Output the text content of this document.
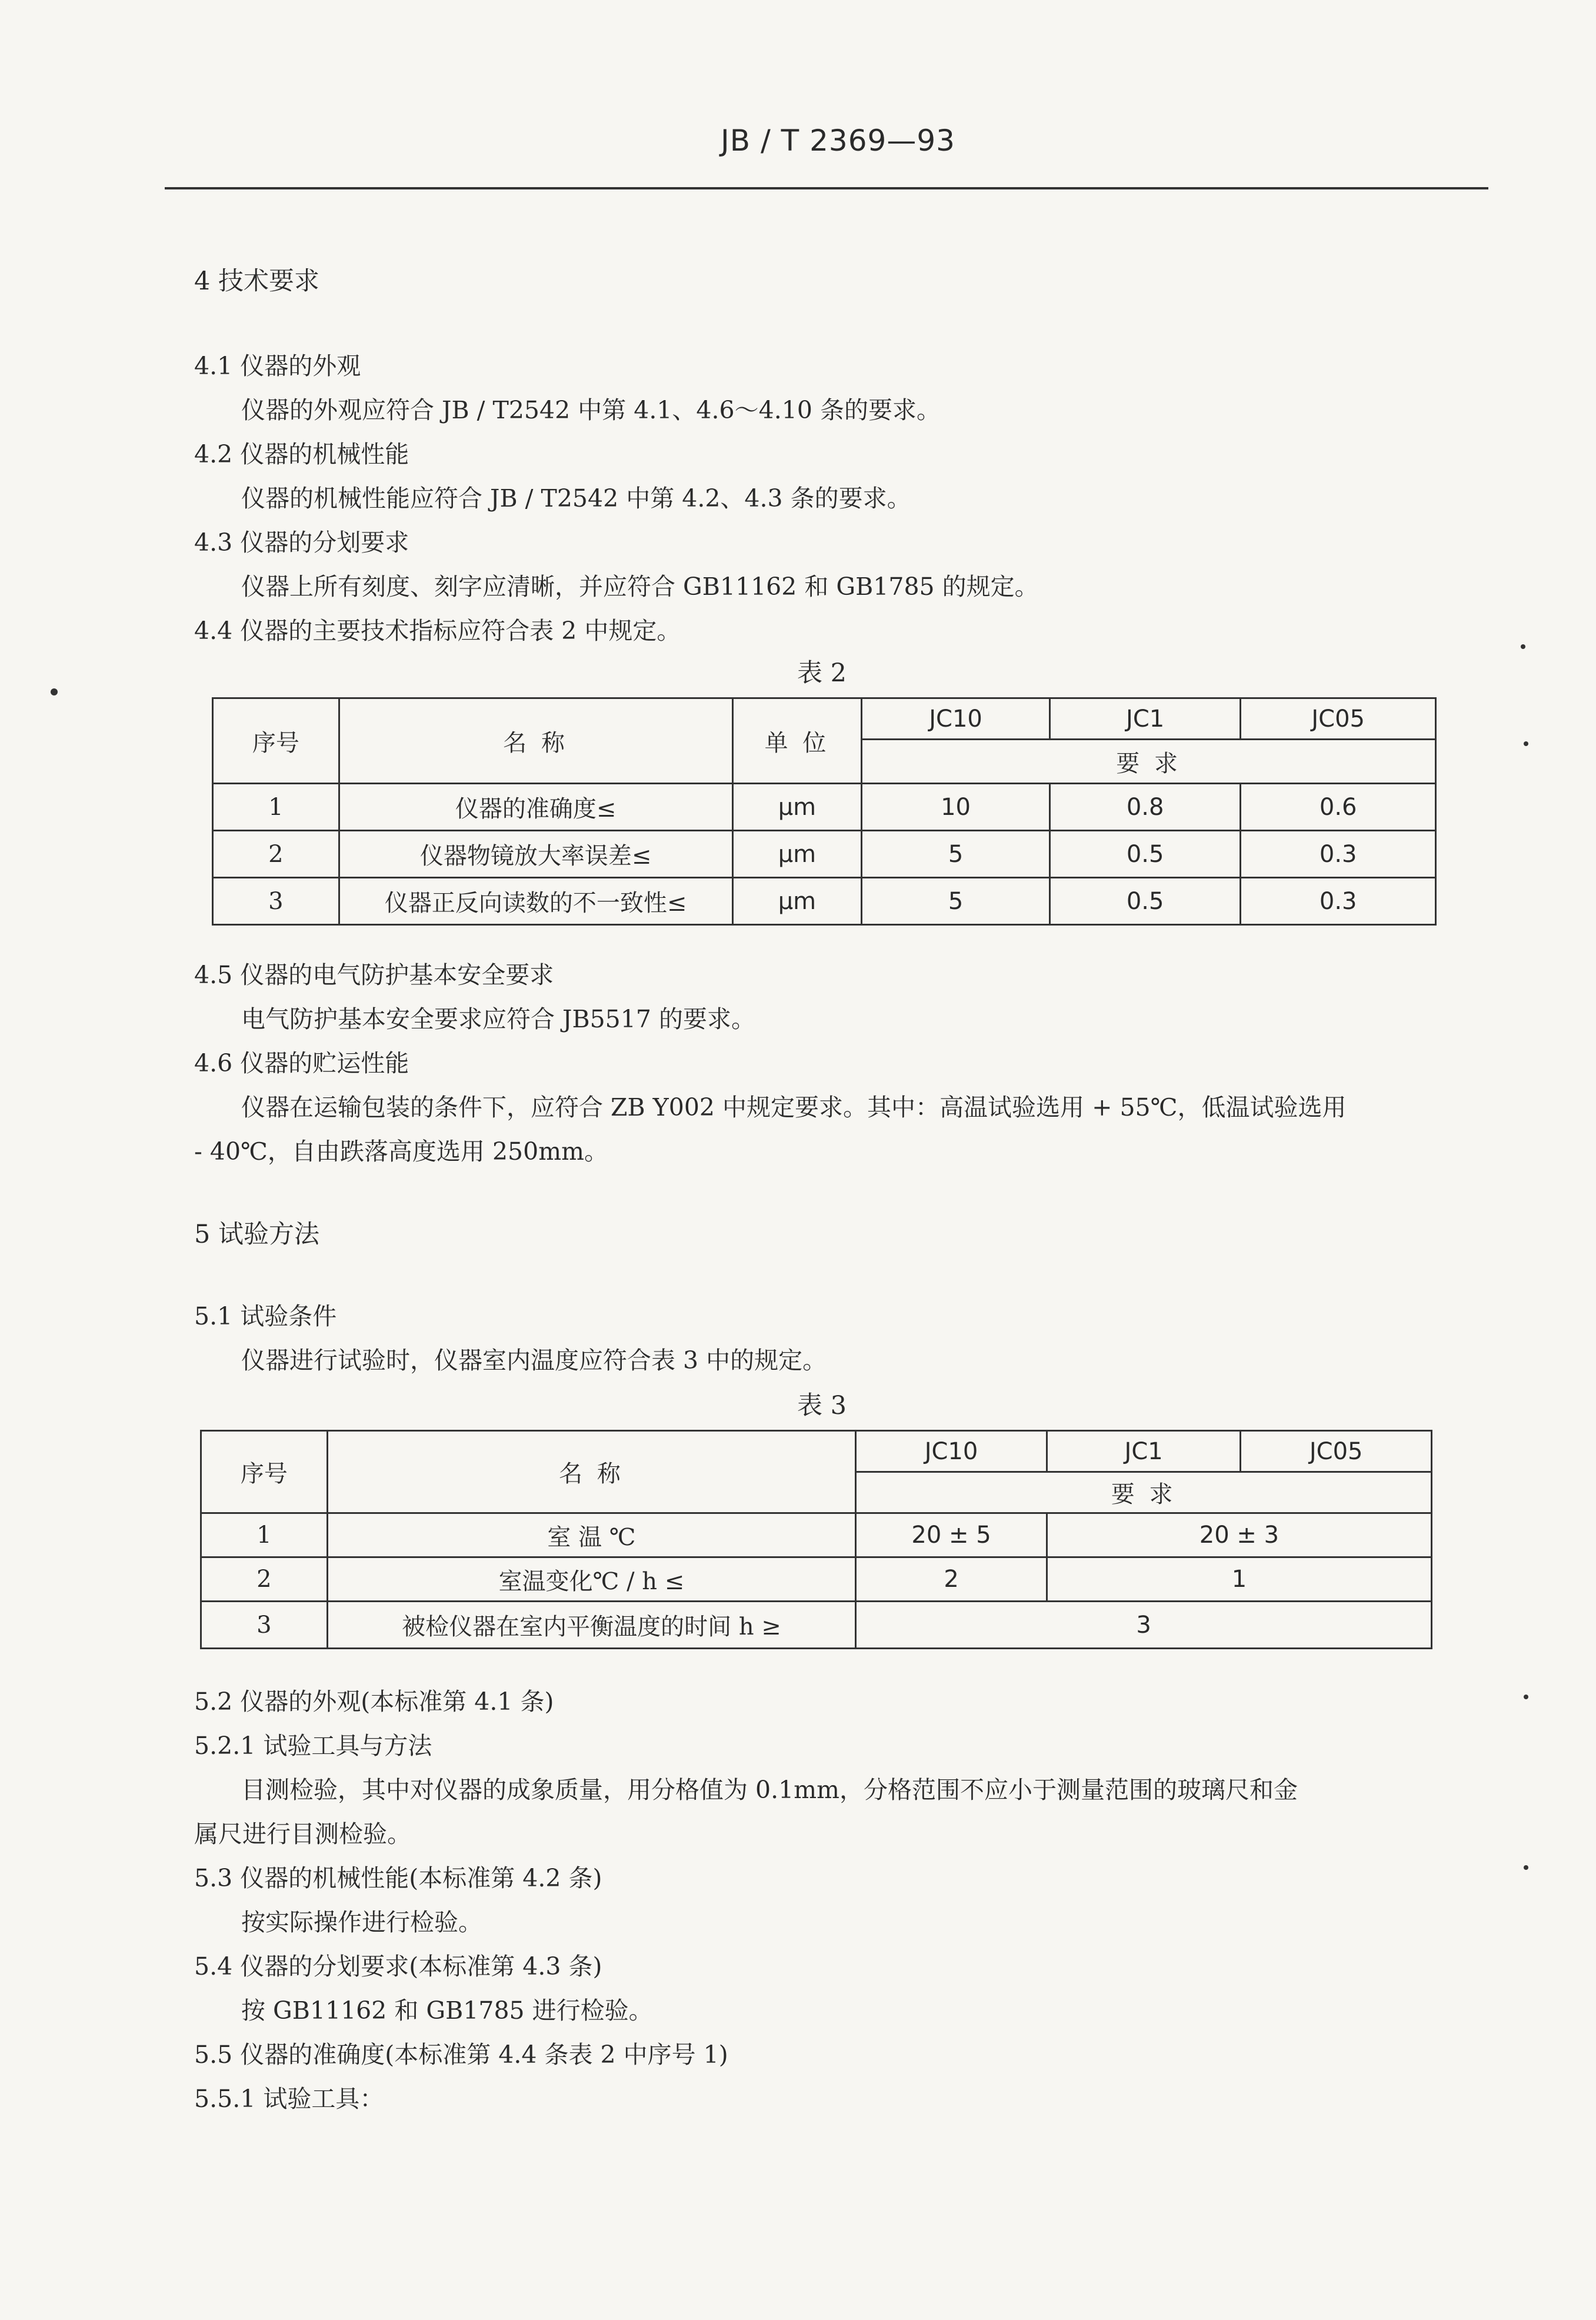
JB / T 2369—93
4 技术要求
4.1 仪器的外观
仪器的外观应符合 JB / T2542 中第 4.1、4.6～4.10 条的要求。
4.2 仪器的机械性能
仪器的机械性能应符合 JB / T2542 中第 4.2、4.3 条的要求。
4.3 仪器的分划要求
仪器上所有刻度、刻字应清晰，并应符合 GB11162 和 GB1785 的规定。
4.4 仪器的主要技术指标应符合表 2 中规定。
表 2
序号	名 称	单 位	JC10	JC1	JC05
			要 求		
1	仪器的准确度≤	μm	10	0.8	0.6
2	仪器物镜放大率误差≤	μm	5	0.5	0.3
3	仪器正反向读数的不一致性≤	μm	5	0.5	0.3
4.5 仪器的电气防护基本安全要求
电气防护基本安全要求应符合 JB5517 的要求。
4.6 仪器的贮运性能
仪器在运输包装的条件下，应符合 ZB Y002 中规定要求。其中：高温试验选用 + 55℃，低温试验选用
- 40℃，自由跌落高度选用 250mm。
5 试验方法
5.1 试验条件
仪器进行试验时，仪器室内温度应符合表 3 中的规定。
表 3
序号	名 称	JC10	JC1	JC05
		要 求		
1	室 温 ℃	20 ± 5	20 ± 3	
2	室温变化℃ / h ≤	2	1	
3	被检仪器在室内平衡温度的时间 h ≥	3		
5.2 仪器的外观(本标准第 4.1 条)
5.2.1 试验工具与方法
目测检验，其中对仪器的成象质量，用分格值为 0.1mm，分格范围不应小于测量范围的玻璃尺和金
属尺进行目测检验。
5.3 仪器的机械性能(本标准第 4.2 条)
按实际操作进行检验。
5.4 仪器的分划要求(本标准第 4.3 条)
按 GB11162 和 GB1785 进行检验。
5.5 仪器的准确度(本标准第 4.4 条表 2 中序号 1)
5.5.1 试验工具：
